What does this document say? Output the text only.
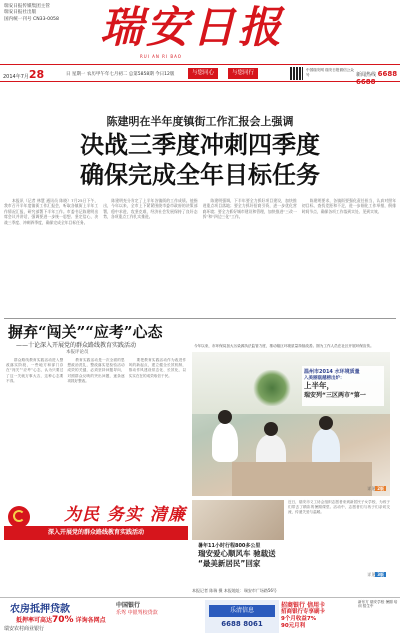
瑞安日报传媒集团主管
瑞安日报社出版
国内统一刊号 CN33-0058 瑞安日报
RUI AN RI BAO
2014年7月28	日 星期一 农历甲午年七月初二 总第5858期 今日12版	与您同心	与您同行	中国瑞安网 瑞安日报微信公众号	新闻热线 6688 6688
陈建明在半年度镇街工作汇报会上强调
决战三季度冲刺四季度
确保完成全年目标任务

本报讯（记者 林慧 通讯员 陈晓）7月25日下午，我市召开半年度镇街工作汇报会，听取各镇街上半年工作情况汇报，研究部署下半年工作。市委书记陈建明出席会议并讲话，强调要进一步统一思想、坚定信心，决战三季度、冲刺四季度，确保完成全年目标任务。

陈建明充分肯定了上半年各镇街的工作成绩。他指出，今年以来，全市上下紧紧围绕市委市政府的决策部署，稳中求进，攻坚克难，经济社会发展保持了良好态势，各项重点工作扎实推进。

陈建明强调，下半年要全力抓好项目建设，加快推进重点项目落地；要全力抓好招商引资，进一步优化营商环境；要全力抓好城市建设和管理，加快推进“三改一拆”和“四边三化”工作。

陈建明要求，各镇街要强化责任担当，认真对照年初目标，查找差距和不足，进一步细化工作举措，倒排时间节点，确保各项工作落到实处、见到实效。

摒弃“闯关”“应考”心态
——十论深入开展党的群众路线教育实践活动
本报评论员

群众路线教育实践活动进入整改落实阶段，一些地方和部门存在“闯关”“应考”心态，认为只要过了这一关就万事大吉，这种心态要不得。

教育实践活动是一次全面的思想政治洗礼，整改落实是检验活动成效的关键，必须坚持问题导向，对照群众反映的突出问题，逐条逐项抓好整改。

要把教育实践活动作为改进作风的新起点，建立健全长效机制，推动作风建设常态化、长效化，以实实在在的成效取信于民。

今年以来，市环保局加大污染源执法监管力度，推动辖区环境质量持续改善。图为工作人员在社区开展环保宣传。
温州市2014 水环境质量
入美丽瓯越榜出炉：
上半年，
瑞安列“三区两市”第一
详见 2版
近日，瑞安市义工协会组织志愿者来到新居民子女学校，为孩子们带去了精彩的暑期课堂。活动中，志愿者们与孩子们亲切交流，传递关爱与温暖。
暑年11小时行程800多公里
瑞安爱心顺风车 驰载送
“最美新居民”回家
详见 3版
为民 务实 清廉
深入开展党的群众路线教育实践活动
本报记者 陈瑞 摄 本报地址：瑞安市广场路56号
农房抵押贷款
抵押率可高达70% 详询各网点
瑞安农村商业银行
中国银行
乐驾 中银驾校贷款	乐清信息
6688 8061
招商银行 信用卡
招商银行专享刷卡
9个月收益7%
90元月利
新东方 瑞安学校 暑期 培训 招生中
